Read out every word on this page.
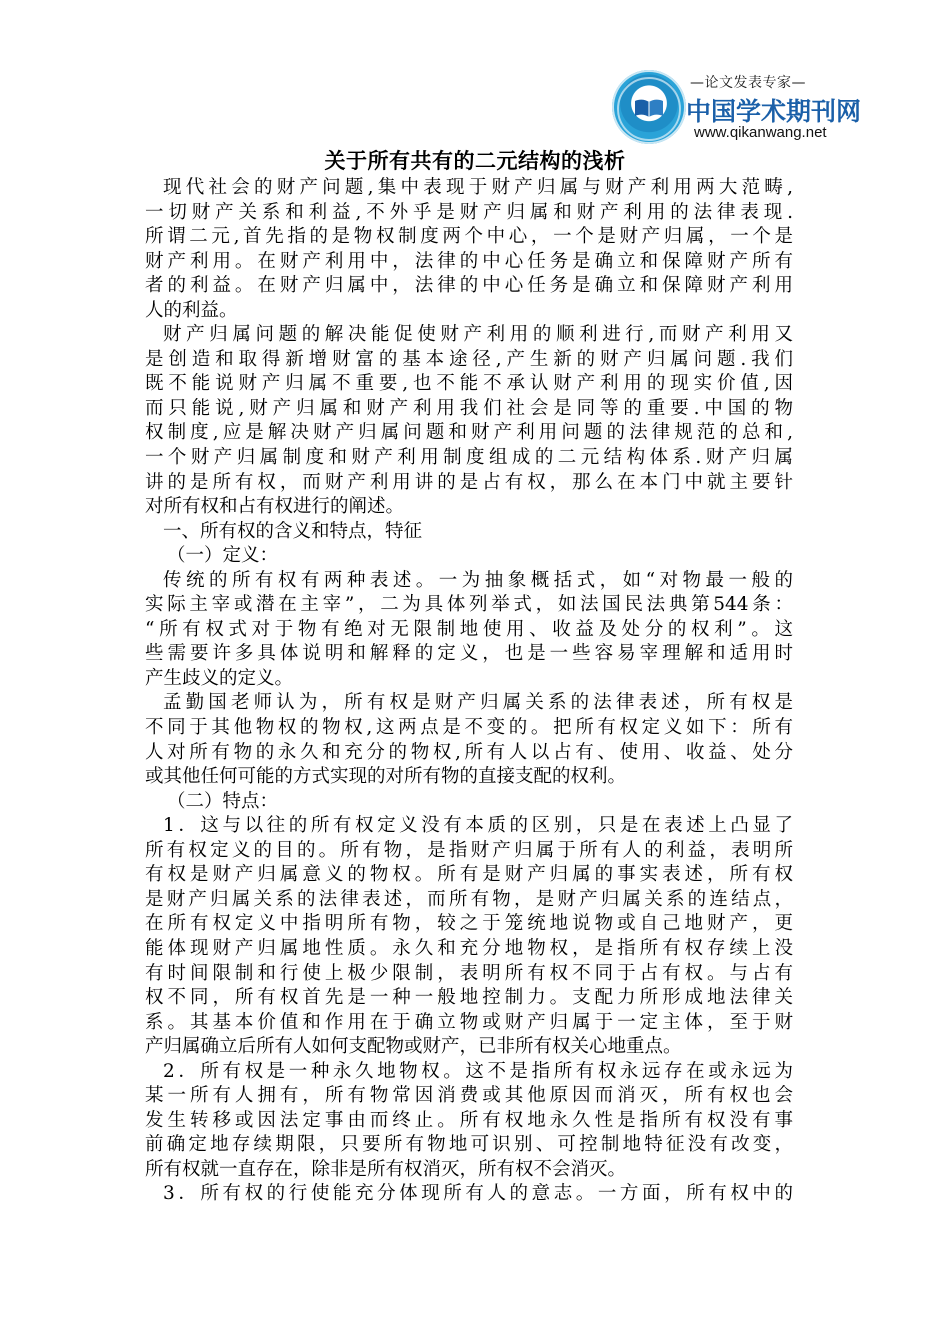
—论文发表专家—
中国学术期刊网
www.qikanwang.net
关于所有共有的二元结构的浅析
现代社会的财产问题,集中表现于财产归属与财产利用两大范畴,
一切财产关系和利益,不外乎是财产归属和财产利用的法律表现.
所谓二元,首先指的是物权制度两个中心，一个是财产归属，一个是
财产利用。在财产利用中，法律的中心任务是确立和保障财产所有
者的利益。在财产归属中，法律的中心任务是确立和保障财产利用
人的利益。
财产归属问题的解决能促使财产利用的顺利进行,而财产利用又
是创造和取得新增财富的基本途径,产生新的财产归属问题.我们
既不能说财产归属不重要,也不能不承认财产利用的现实价值,因
而只能说,财产归属和财产利用我们社会是同等的重要.中国的物
权制度,应是解决财产归属问题和财产利用问题的法律规范的总和,
一个财产归属制度和财产利用制度组成的二元结构体系.财产归属
讲的是所有权，而财产利用讲的是占有权，那么在本门中就主要针
对所有权和占有权进行的阐述。
一、所有权的含义和特点，特征
（一）定义：
传统的所有权有两种表述。一为抽象概括式，如“对物最一般的
实际主宰或潜在主宰”，二为具体列举式，如法国民法典第544条：
“所有权式对于物有绝对无限制地使用、收益及处分的权利”。这
些需要许多具体说明和解释的定义，也是一些容易宰理解和适用时
产生歧义的定义。
孟勤国老师认为，所有权是财产归属关系的法律表述，所有权是
不同于其他物权的物权,这两点是不变的。把所有权定义如下：所有
人对所有物的永久和充分的物权,所有人以占有、使用、收益、处分
或其他任何可能的方式实现的对所有物的直接支配的权利。
（二）特点：
1．这与以往的所有权定义没有本质的区别，只是在表述上凸显了
所有权定义的目的。所有物，是指财产归属于所有人的利益，表明所
有权是财产归属意义的物权。所有是财产归属的事实表述，所有权
是财产归属关系的法律表述，而所有物，是财产归属关系的连结点，
在所有权定义中指明所有物，较之于笼统地说物或自己地财产，更
能体现财产归属地性质。永久和充分地物权，是指所有权存续上没
有时间限制和行使上极少限制，表明所有权不同于占有权。与占有
权不同，所有权首先是一种一般地控制力。支配力所形成地法律关
系。其基本价值和作用在于确立物或财产归属于一定主体，至于财
产归属确立后所有人如何支配物或财产，已非所有权关心地重点。
2．所有权是一种永久地物权。这不是指所有权永远存在或永远为
某一所有人拥有，所有物常因消费或其他原因而消灭，所有权也会
发生转移或因法定事由而终止。所有权地永久性是指所有权没有事
前确定地存续期限，只要所有物地可识别、可控制地特征没有改变，
所有权就一直存在，除非是所有权消灭，所有权不会消灭。
3．所有权的行使能充分体现所有人的意志。一方面，所有权中的
